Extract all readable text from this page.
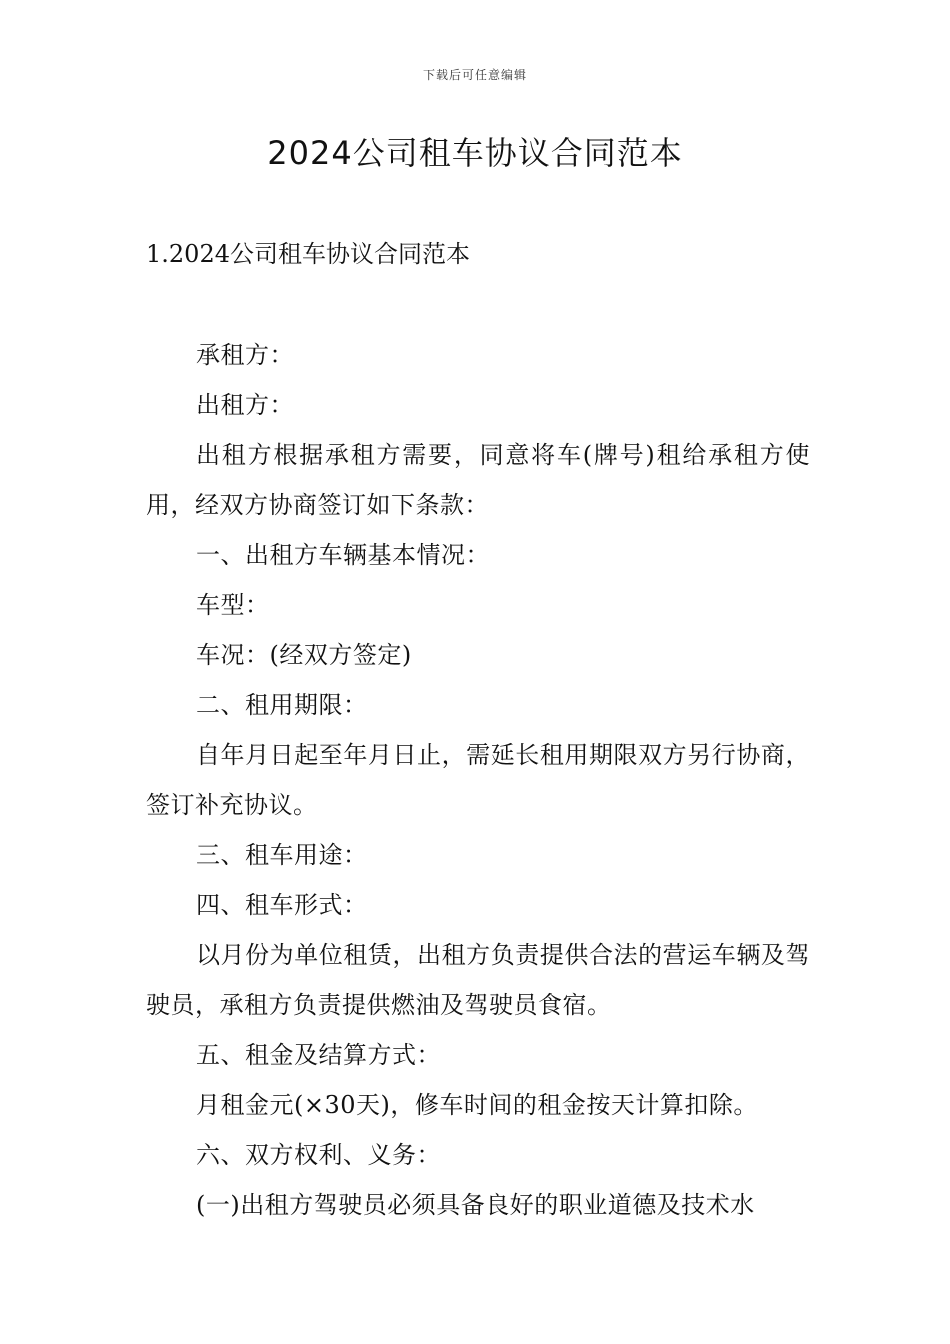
下载后可任意编辑
2024公司租车协议合同范本
1.2024公司租车协议合同范本

承租方：

出租方：

出租方根据承租方需要，同意将车(牌号)租给承租方使用，经双方协商签订如下条款：

一、出租方车辆基本情况：

车型：

车况：(经双方签定)

二、租用期限：

自年月日起至年月日止，需延长租用期限双方另行协商，签订补充协议。

三、租车用途：

四、租车形式：

以月份为单位租赁，出租方负责提供合法的营运车辆及驾驶员，承租方负责提供燃油及驾驶员食宿。

五、租金及结算方式：

月租金元(×30天)，修车时间的租金按天计算扣除。

六、双方权利、义务：

(一)出租方驾驶员必须具备良好的职业道德及技术水
